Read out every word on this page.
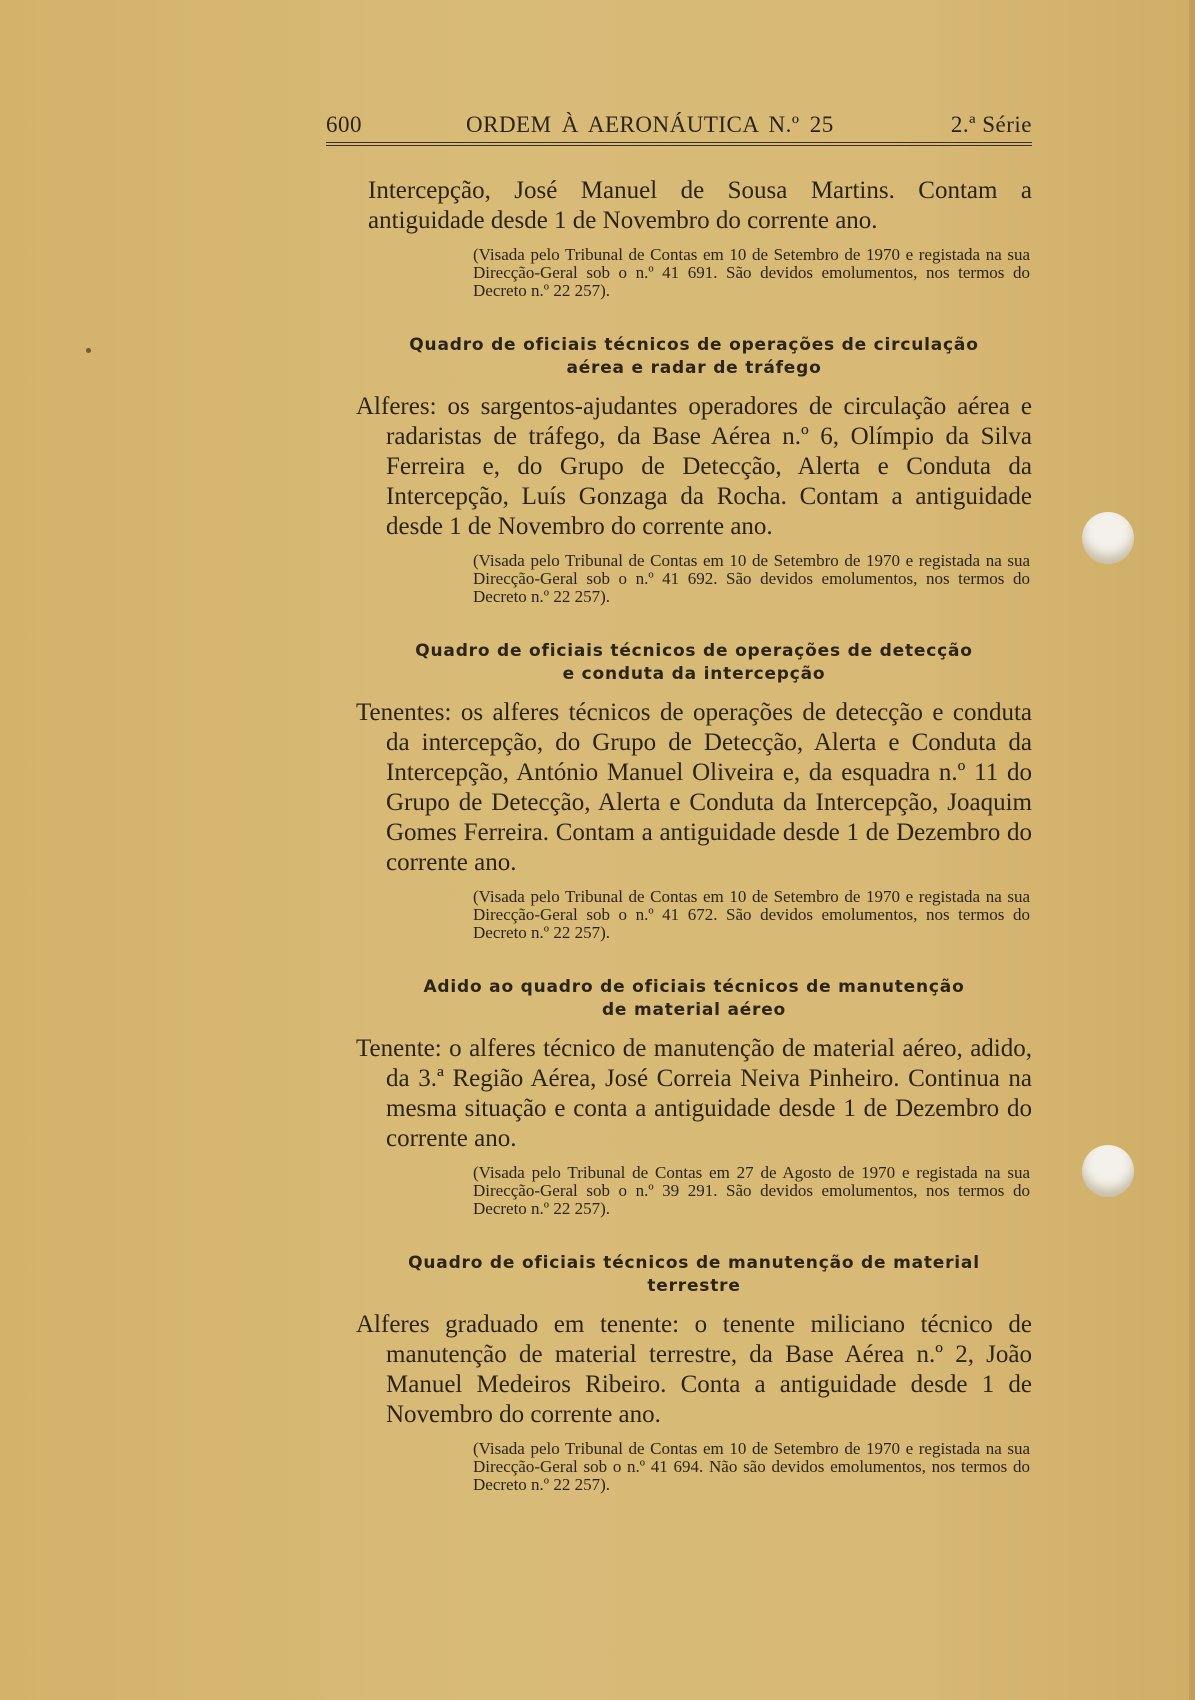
600	ORDEM À AERONÁUTICA N.º 25	2.ª Série

Intercepção, José Manuel de Sousa Martins. Contam a antiguidade desde 1 de Novembro do corrente ano.

(Visada pelo Tribunal de Contas em 10 de Setembro de 1970 e registada na sua Direcção-Geral sob o n.º 41 691. São devidos emolumentos, nos termos do Decreto n.º 22 257).

Quadro de oficiais técnicos de operações de circulação
aérea e radar de tráfego

Alferes: os sargentos-ajudantes operadores de circulação aérea e radaristas de tráfego, da Base Aérea n.º 6, Olímpio da Silva Ferreira e, do Grupo de Detecção, Alerta e Conduta da Intercepção, Luís Gonzaga da Rocha. Contam a antiguidade desde 1 de Novembro do corrente ano.

(Visada pelo Tribunal de Contas em 10 de Setembro de 1970 e registada na sua Direcção-Geral sob o n.º 41 692. São devidos emolumentos, nos termos do Decreto n.º 22 257).

Quadro de oficiais técnicos de operações de detecção
e conduta da intercepção

Tenentes: os alferes técnicos de operações de detecção e conduta da intercepção, do Grupo de Detecção, Alerta e Conduta da Intercepção, António Manuel Oliveira e, da esquadra n.º 11 do Grupo de Detecção, Alerta e Conduta da Intercepção, Joaquim Gomes Ferreira. Contam a antiguidade desde 1 de Dezembro do corrente ano.

(Visada pelo Tribunal de Contas em 10 de Setembro de 1970 e registada na sua Direcção-Geral sob o n.º 41 672. São devidos emolumentos, nos termos do Decreto n.º 22 257).

Adido ao quadro de oficiais técnicos de manutenção
de material aéreo

Tenente: o alferes técnico de manutenção de material aéreo, adido, da 3.ª Região Aérea, José Correia Neiva Pinheiro. Continua na mesma situação e conta a antiguidade desde 1 de Dezembro do corrente ano.

(Visada pelo Tribunal de Contas em 27 de Agosto de 1970 e registada na sua Direcção-Geral sob o n.º 39 291. São devidos emolumentos, nos termos do Decreto n.º 22 257).

Quadro de oficiais técnicos de manutenção de material
terrestre

Alferes graduado em tenente: o tenente miliciano técnico de manutenção de material terrestre, da Base Aérea n.º 2, João Manuel Medeiros Ribeiro. Conta a antiguidade desde 1 de Novembro do corrente ano.

(Visada pelo Tribunal de Contas em 10 de Setembro de 1970 e registada na sua Direcção-Geral sob o n.º 41 694. Não são devidos emolumentos, nos termos do Decreto n.º 22 257).
